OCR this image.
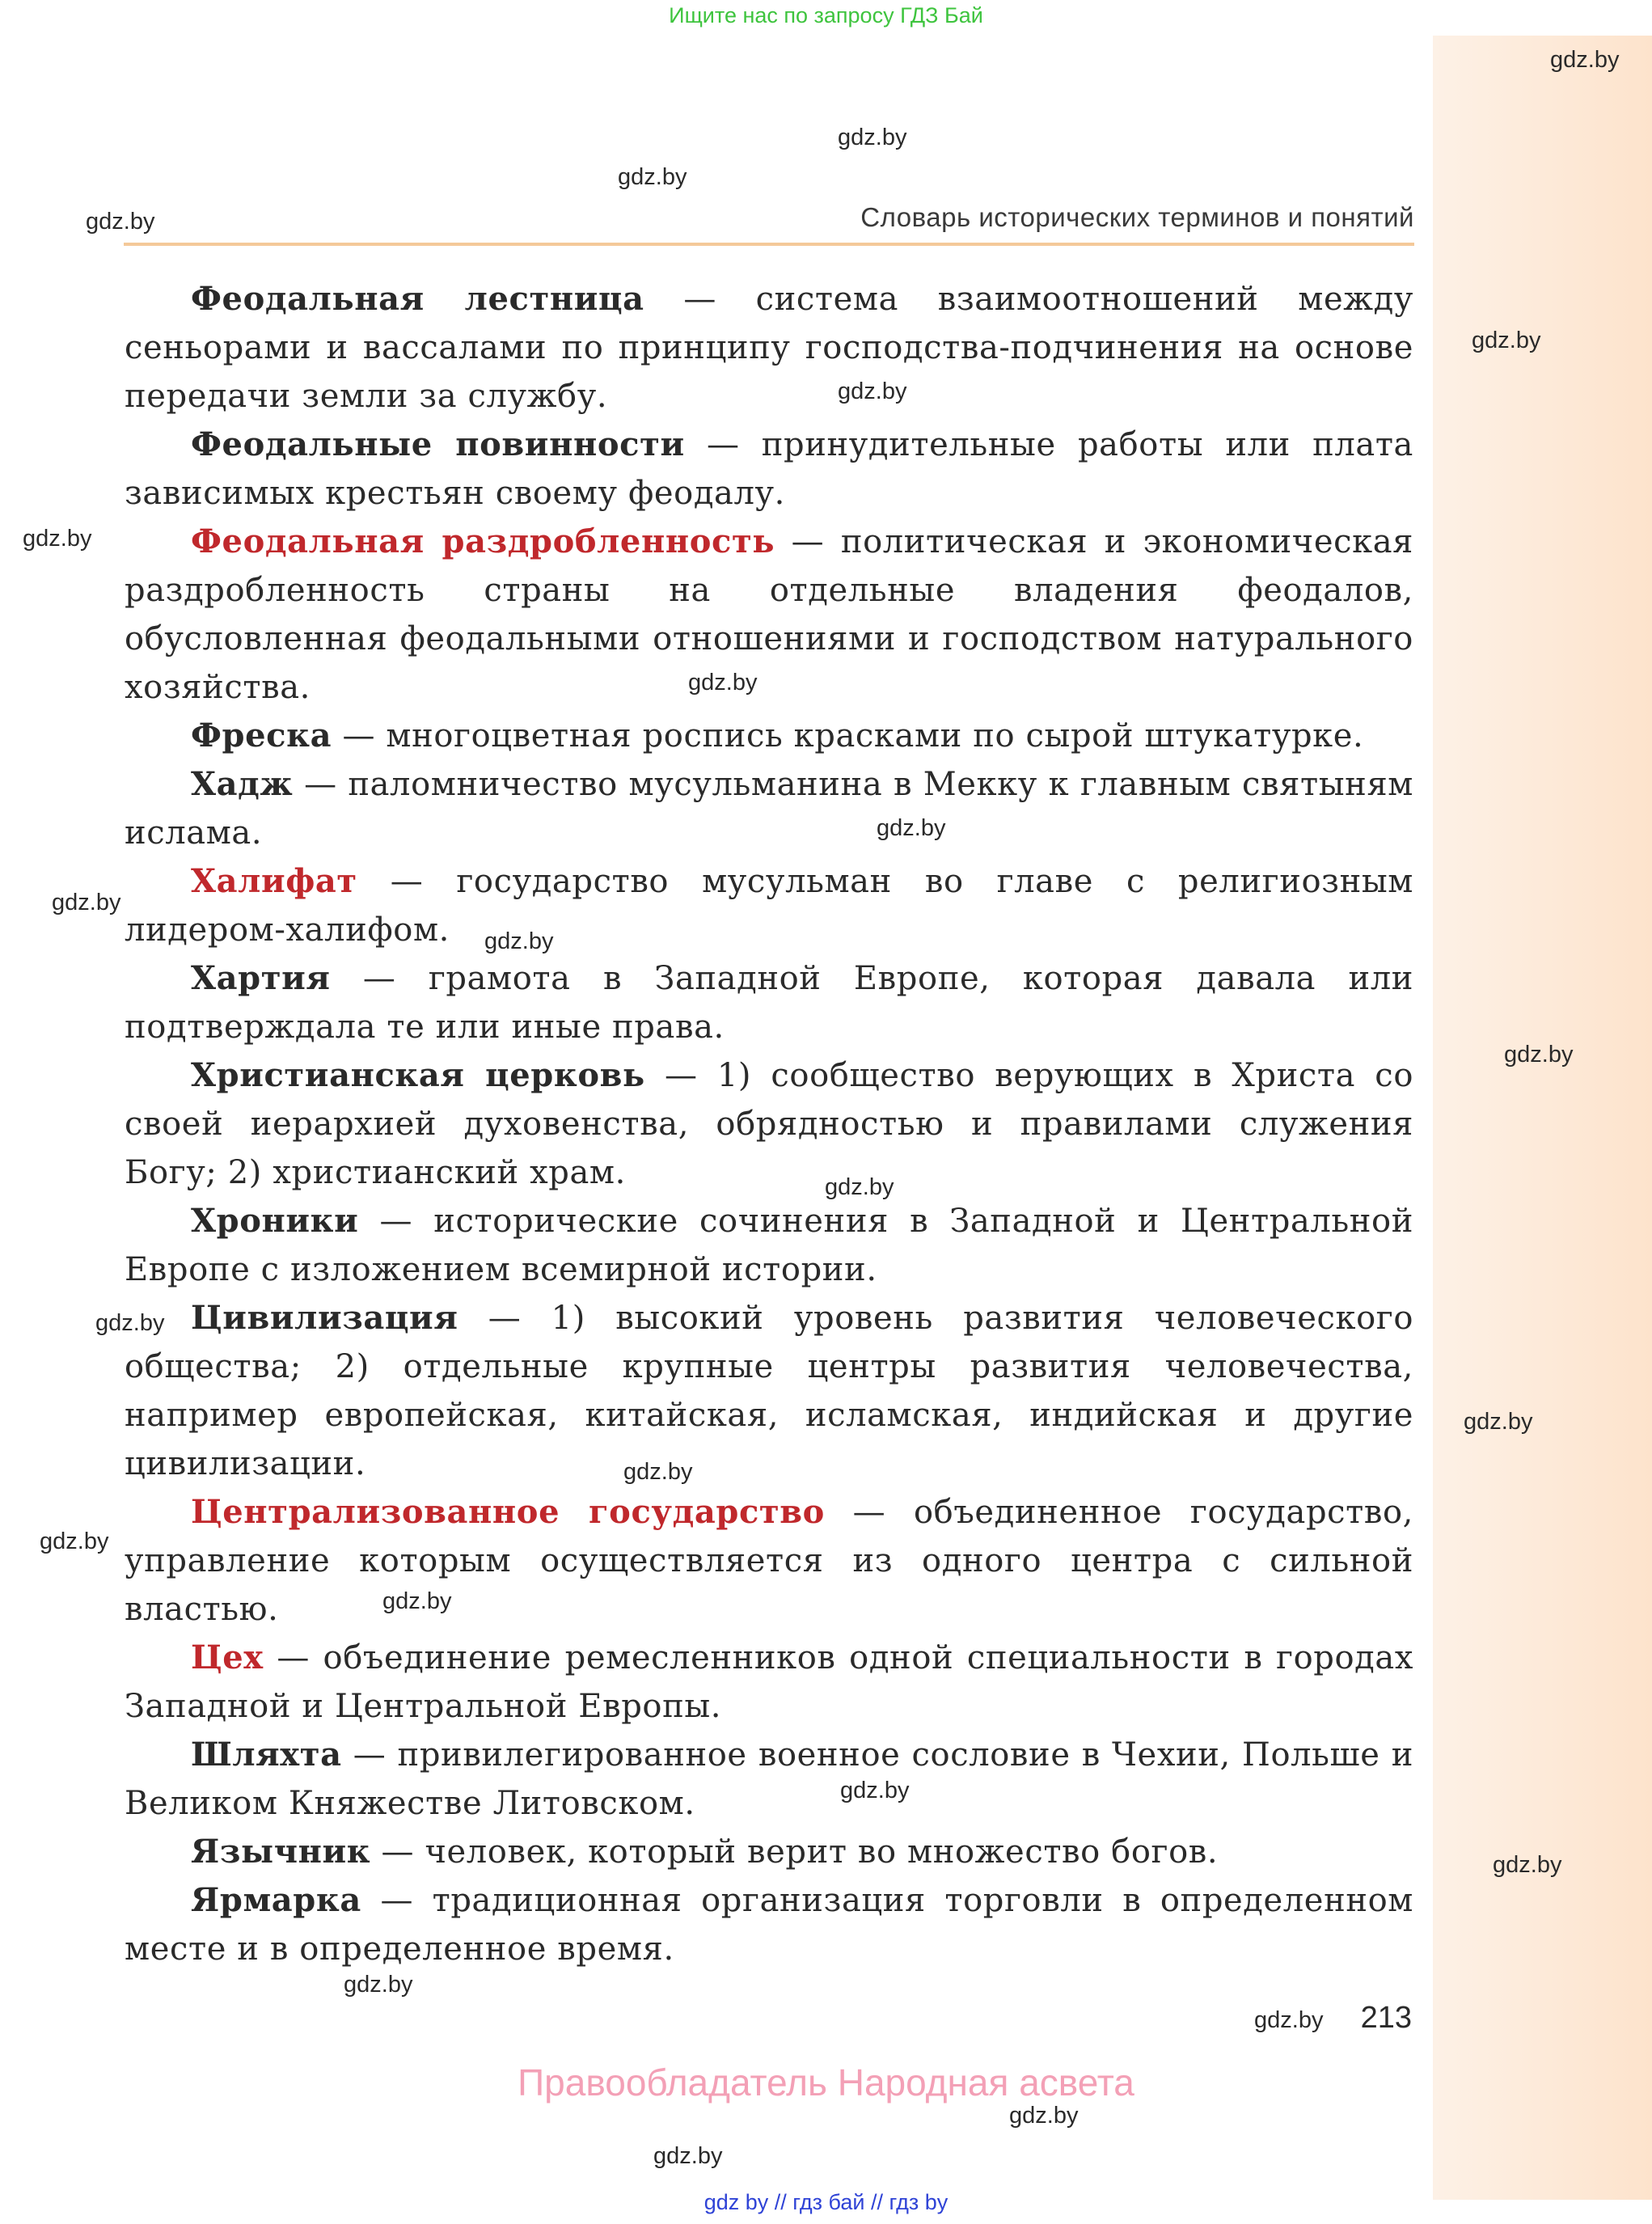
Ищите нас по запросу ГДЗ Бай
Словарь исторических терминов и понятий

Феодальная лестница — система взаимоотношений между сеньорами и вассалами по принципу господства-подчинения на основе передачи земли за службу.

Феодальные повинности — принудительные работы или плата зависимых крестьян своему феодалу.

Феодальная раздробленность — политическая и экономическая раздробленность страны на отдельные владения феодалов, обусловленная феодальными отношениями и господством натурального хозяйства.

Фреска — многоцветная роспись красками по сырой штукатурке.

Хадж — паломничество мусульманина в Мекку к главным святыням ислама.

Халифат — государство мусульман во главе с религиозным лидером-халифом.

Хартия — грамота в Западной Европе, которая давала или подтверждала те или иные права.

Христианская церковь — 1) сообщество верующих в Христа со своей иерархией духовенства, обрядностью и правилами служения Богу; 2) христианский храм.

Хроники — исторические сочинения в Западной и Центральной Европе с изложением всемирной истории.

Цивилизация — 1) высокий уровень развития человеческого общества; 2) отдельные крупные центры развития человечества, например европейская, китайская, исламская, индийская и другие цивилизации.

Централизованное государство — объединенное государство, управление которым осуществляется из одного центра с сильной властью.

Цех — объединение ремесленников одной специальности в городах Западной и Центральной Европы.

Шляхта — привилегированное военное сословие в Чехии, Польше и Великом Княжестве Литовском.

Язычник — человек, который верит во множество богов.

Ярмарка — традиционная организация торговли в определенном месте и в определенное время.

213
Правообладатель Народная асвета
gdz by // гдз бай // гдз by
gdz.by
gdz.by
gdz.by
gdz.by
gdz.by
gdz.by
gdz.by
gdz.by
gdz.by
gdz.by
gdz.by
gdz.by
gdz.by
gdz.by
gdz.by
gdz.by
gdz.by
gdz.by
gdz.by
gdz.by
gdz.by
gdz.by
gdz.by
gdz.by
